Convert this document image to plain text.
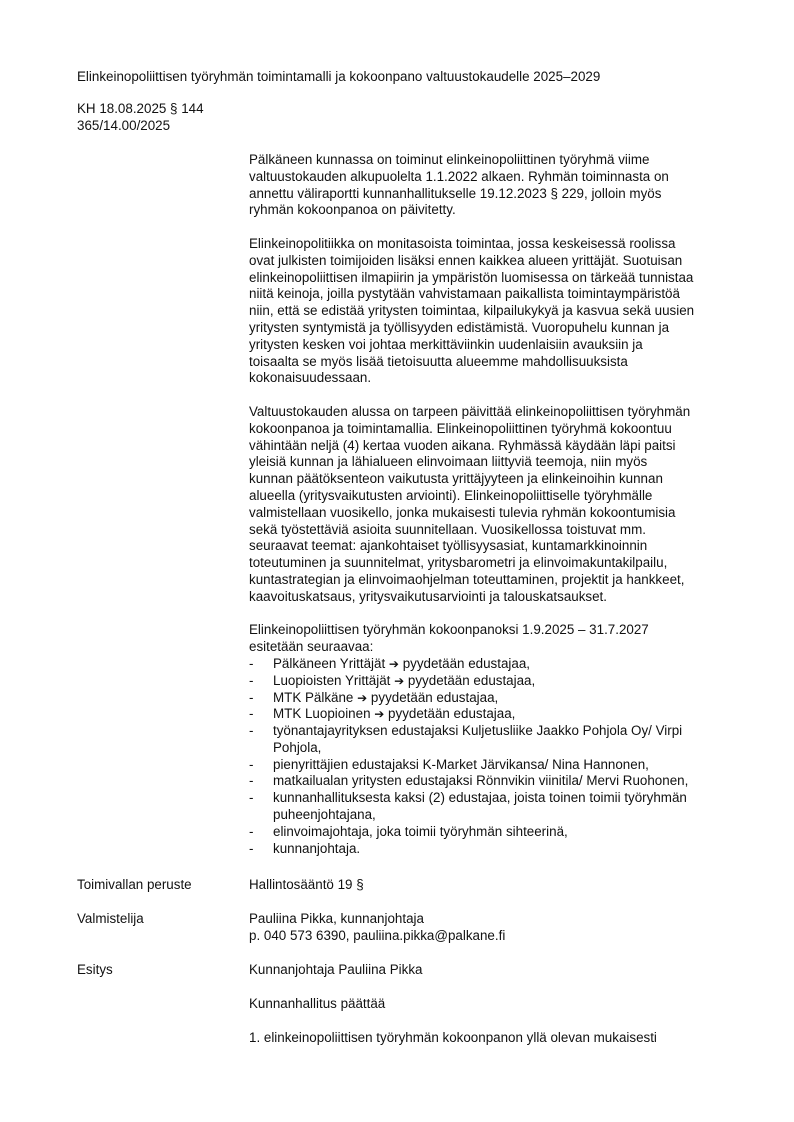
Elinkeinopoliittisen työryhmän toimintamalli ja kokoonpano valtuustokaudelle 2025–2029
KH 18.08.2025 § 144
365/14.00/2025
Pälkäneen kunnassa on toiminut elinkeinopoliittinen työryhmä viime
valtuustokauden alkupuolelta 1.1.2022 alkaen. Ryhmän toiminnasta on
annettu väliraportti kunnanhallitukselle 19.12.2023 § 229, jolloin myös
ryhmän kokoonpanoa on päivitetty.
Elinkeinopolitiikka on monitasoista toimintaa, jossa keskeisessä roolissa
ovat julkisten toimijoiden lisäksi ennen kaikkea alueen yrittäjät. Suotuisan
elinkeinopoliittisen ilmapiirin ja ympäristön luomisessa on tärkeää tunnistaa
niitä keinoja, joilla pystytään vahvistamaan paikallista toimintaympäristöä
niin, että se edistää yritysten toimintaa, kilpailukykyä ja kasvua sekä uusien
yritysten syntymistä ja työllisyyden edistämistä. Vuoropuhelu kunnan ja
yritysten kesken voi johtaa merkittäviinkin uudenlaisiin avauksiin ja
toisaalta se myös lisää tietoisuutta alueemme mahdollisuuksista
kokonaisuudessaan.
Valtuustokauden alussa on tarpeen päivittää elinkeinopoliittisen työryhmän
kokoonpanoa ja toimintamallia. Elinkeinopoliittinen työryhmä kokoontuu
vähintään neljä (4) kertaa vuoden aikana. Ryhmässä käydään läpi paitsi
yleisiä kunnan ja lähialueen elinvoimaan liittyviä teemoja, niin myös
kunnan päätöksenteon vaikutusta yrittäjyyteen ja elinkeinoihin kunnan
alueella (yritysvaikutusten arviointi). Elinkeinopoliittiselle työryhmälle
valmistellaan vuosikello, jonka mukaisesti tulevia ryhmän kokoontumisia
sekä työstettäviä asioita suunnitellaan. Vuosikellossa toistuvat mm.
seuraavat teemat: ajankohtaiset työllisyysasiat, kuntamarkkinoinnin
toteutuminen ja suunnitelmat, yritysbarometri ja elinvoimakuntakilpailu,
kuntastrategian ja elinvoimaohjelman toteuttaminen, projektit ja hankkeet,
kaavoituskatsaus, yritysvaikutusarviointi ja talouskatsaukset.
Elinkeinopoliittisen työryhmän kokoonpanoksi 1.9.2025 – 31.7.2027
esitetään seuraavaa:
- Pälkäneen Yrittäjät ➔ pyydetään edustajaa,
- Luopioisten Yrittäjät ➔ pyydetään edustajaa,
- MTK Pälkäne ➔ pyydetään edustajaa,
- MTK Luopioinen ➔ pyydetään edustajaa,
- työnantajayrityksen edustajaksi Kuljetusliike Jaakko Pohjola Oy/ Virpi
Pohjola,
- pienyrittäjien edustajaksi K-Market Järvikansa/ Nina Hannonen,
- matkailualan yritysten edustajaksi Rönnvikin viinitila/ Mervi Ruohonen,
- kunnanhallituksesta kaksi (2) edustajaa, joista toinen toimii työryhmän
puheenjohtajana,
- elinvoimajohtaja, joka toimii työryhmän sihteerinä,
- kunnanjohtaja.
Toimivallan peruste	Hallintosääntö 19 §
Valmistelija	Pauliina Pikka, kunnanjohtaja
p. 040 573 6390, pauliina.pikka@palkane.fi
Esitys	Kunnanjohtaja Pauliina Pikka
Kunnanhallitus päättää
1. elinkeinopoliittisen työryhmän kokoonpanon yllä olevan mukaisesti
